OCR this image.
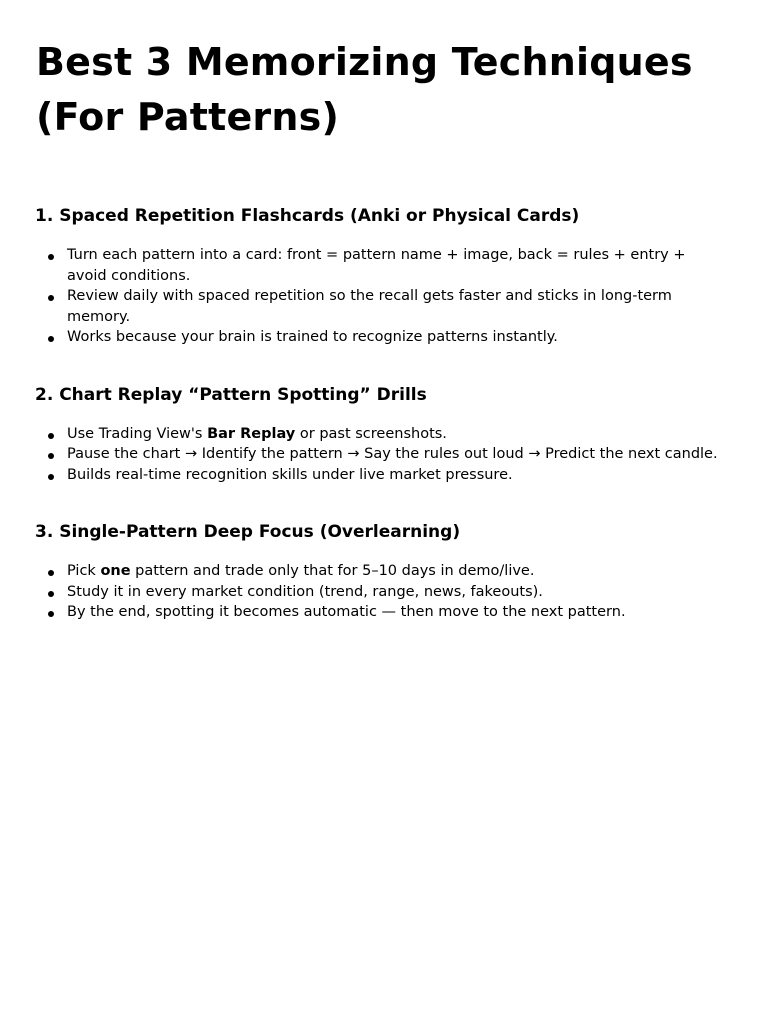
Best 3 Memorizing Techniques
(For Patterns)
1. Spaced Repetition Flashcards (Anki or Physical Cards)
Turn each pattern into a card: front = pattern name + image, back = rules + entry + avoid conditions.
Review daily with spaced repetition so the recall gets faster and sticks in long-term memory.
Works because your brain is trained to recognize patterns instantly.
2. Chart Replay “Pattern Spotting” Drills
Use Trading View's Bar Replay or past screenshots.
Pause the chart → Identify the pattern → Say the rules out loud → Predict the next candle.
Builds real-time recognition skills under live market pressure.
3. Single-Pattern Deep Focus (Overlearning)
Pick one pattern and trade only that for 5–10 days in demo/live.
Study it in every market condition (trend, range, news, fakeouts).
By the end, spotting it becomes automatic — then move to the next pattern.
